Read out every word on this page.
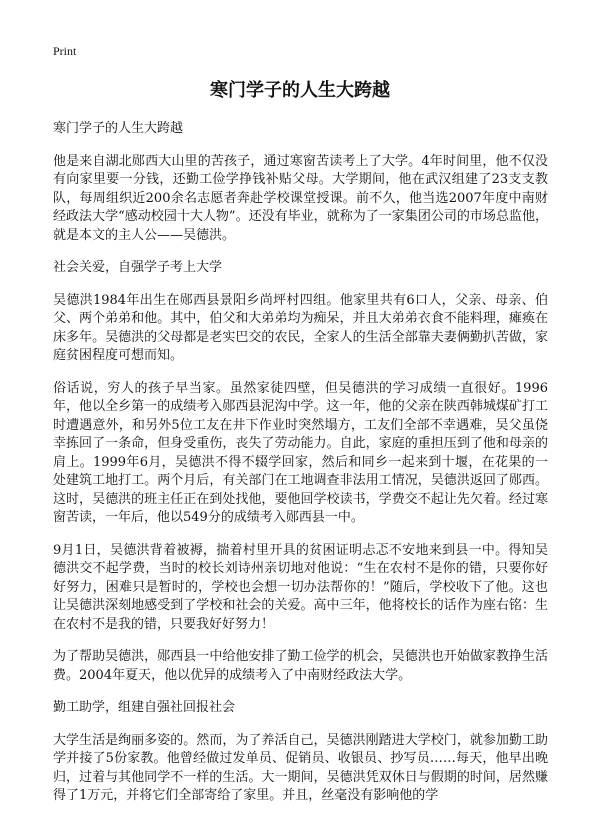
Print
寒门学子的人生大跨越

寒门学子的人生大跨越

他是来自湖北郧西大山里的苦孩子，通过寒窗苦读考上了大学。4年时间里，他不仅没有向家里要一分钱，还勤工俭学挣钱补贴父母。大学期间，他在武汉组建了23支支教队，每周组织近200余名志愿者奔赴学校课堂授课。前不久，他当选2007年度中南财经政法大学“感动校园十大人物”。还没有毕业，就称为了一家集团公司的市场总监他，就是本文的主人公——吴德洪。

社会关爱，自强学子考上大学

吴德洪1984年出生在郧西县景阳乡尚坪村四组。他家里共有6口人，父亲、母亲、伯父、两个弟弟和他。其中，伯父和大弟弟均为痴呆，并且大弟弟衣食不能料理，瘫痪在床多年。吴德洪的父母都是老实巴交的农民，全家人的生活全部靠夫妻俩勤扒苦做，家庭贫困程度可想而知。

俗话说，穷人的孩子早当家。虽然家徒四壁，但吴德洪的学习成绩一直很好。1996年，他以全乡第一的成绩考入郧西县泥沟中学。这一年，他的父亲在陕西韩城煤矿打工时遭遇意外，和另外5位工友在井下作业时突然塌方，工友们全部不幸遇难，吴父虽侥幸拣回了一条命，但身受重伤，丧失了劳动能力。自此，家庭的重担压到了他和母亲的肩上。1999年6月，吴德洪不得不辍学回家，然后和同乡一起来到十堰，在花果的一处建筑工地打工。两个月后，有关部门在工地调查非法用工情况，吴德洪返回了郧西。这时，吴德洪的班主任正在到处找他，要他回学校读书，学费交不起让先欠着。经过寒窗苦读，一年后，他以549分的成绩考入郧西县一中。

9月1日，吴德洪背着被褥，揣着村里开具的贫困证明忐忑不安地来到县一中。得知吴德洪交不起学费，当时的校长刘诗州亲切地对他说：“生在农村不是你的错，只要你好好努力，困难只是暂时的，学校也会想一切办法帮你的！”随后，学校收下了他。这也让吴德洪深刻地感受到了学校和社会的关爱。高中三年，他将校长的话作为座右铭：生在农村不是我的错，只要我好好努力！

为了帮助吴德洪，郧西县一中给他安排了勤工俭学的机会，吴德洪也开始做家教挣生活费。2004年夏天，他以优异的成绩考入了中南财经政法大学。

勤工助学，组建自强社回报社会

大学生活是绚丽多姿的。然而，为了养活自己，吴德洪刚踏进大学校门，就参加勤工助学并接了5份家教。他曾经做过发单员、促销员、收银员、抄写员……每天，他早出晚归，过着与其他同学不一样的生活。大一期间，吴德洪凭双休日与假期的时间，居然赚得了1万元，并将它们全部寄给了家里。并且，丝毫没有影响他的学
